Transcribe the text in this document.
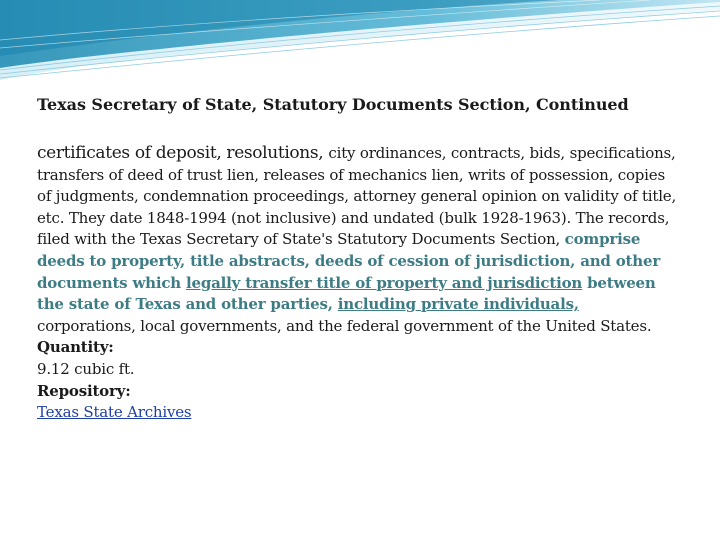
Texas Secretary of State, Statutory Documents Section, Continued
certificates of deposit, resolutions, city ordinances, contracts, bids, specifications, transfers of deed of trust lien, releases of mechanics lien, writs of possession, copies of judgments, condemnation proceedings, attorney general opinion on validity of title, etc. They date 1848-1994 (not inclusive) and undated (bulk 1928-1963). The records, filed with the Texas Secretary of State's Statutory Documents Section, comprise deeds to property, title abstracts, deeds of cession of jurisdiction, and other documents which legally transfer title of property and jurisdiction between the state of Texas and other parties, including private individuals, corporations, local governments, and the federal government of the United States.
Quantity:
9.12 cubic ft.
Repository:
Texas State Archives
